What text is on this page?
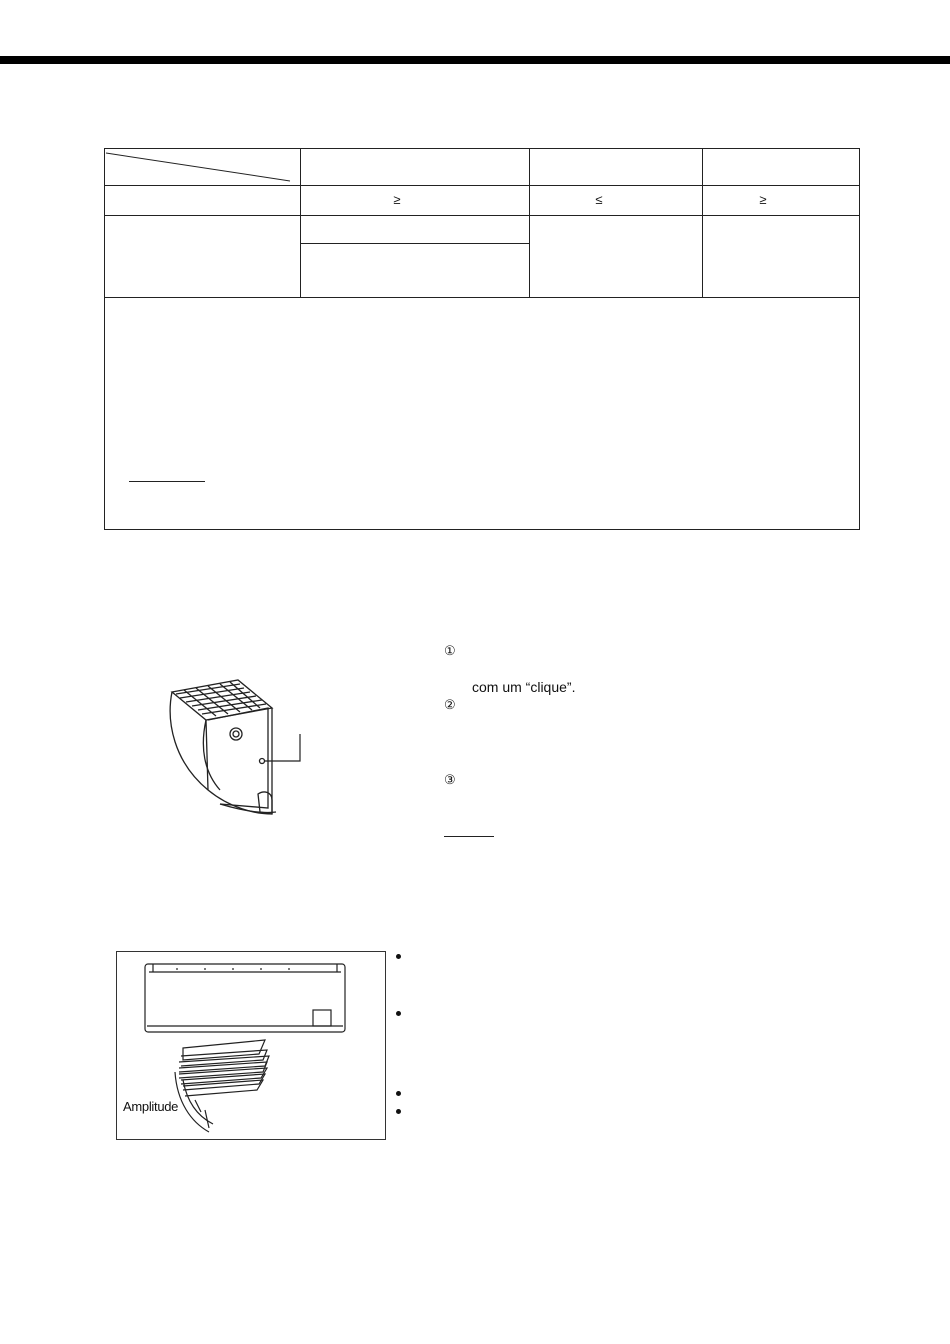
≥	≤	≥
①
com um “clique”.
②
③
Amplitude
